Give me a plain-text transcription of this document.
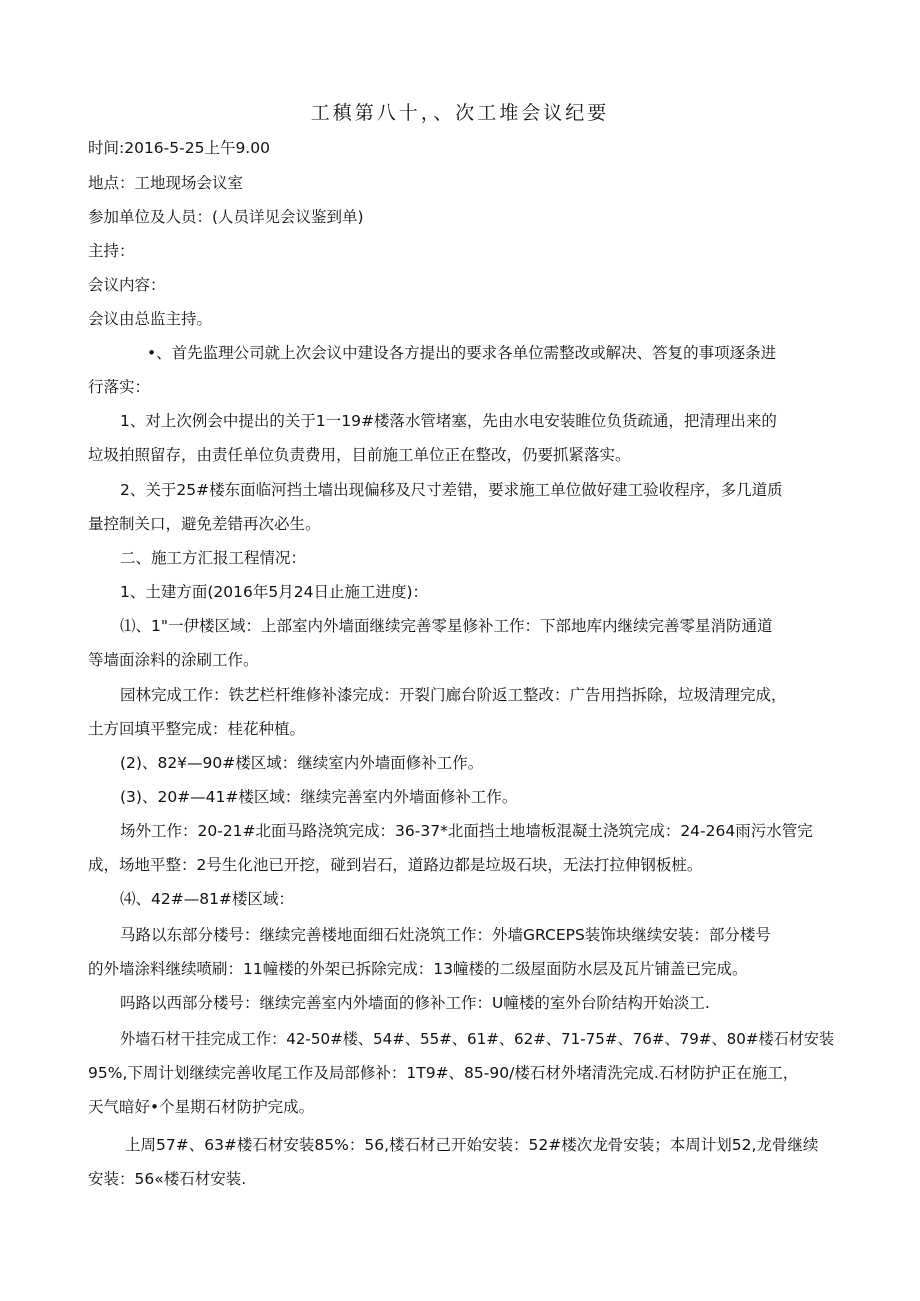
工稹第八十，、次工堆会议纪要
时间:2016-5-25上午9.00
地点：工地现场会议室
参加单位及人员：(人员详见会议鉴到单)
主持：
会议内容：
会议由总监主持。
•、首先监理公司就上次会议中建设各方提出的要求各单位需整改或解决、答复的事项逐条进
行落实：
1、对上次例会中提出的关于1一19#楼落水管堵塞，先由水电安装睢位负货疏通，把清理出来的
垃圾拍照留存，由责任单位负责费用，目前施工单位正在整改，仍要抓紧落实。
2、关于25#楼东面临河挡土墙出现偏移及尺寸差错，要求施工单位做好建工验收程序，多几道质
量控制关口，避免差错再次必生。
二、施工方汇报工程情况：
1、土建方面(2016年5月24日止施工进度)：
⑴、1"一伊楼区域：上部室内外墙面继续完善零星修补工作：下部地库内继续完善零星消防通道
等墙面涂料的涂刷工作。
园林完成工作：铁艺栏杆维修补漆完成：开裂门廊台阶返工整改：广告用挡拆除，垃圾清理完成，
土方回填平整完成：桂花种植。
(2)、82¥—90#楼区域：继续室内外墙面修补工作。
(3)、20#—41#楼区域：继续完善室内外墙面修补工作。
场外工作：20-21#北面马路浇筑完成：36-37*北面挡土地墙板混凝土浇筑完成：24-264雨污水管完
成，场地平整：2号生化池已开挖，碰到岩石，道路边都是垃圾石块，无法打拉伸钢板桩。
⑷、42#—81#楼区域：
马路以东部分楼号：继续完善楼地面细石灶浇筑工作：外墙GRCEPS装饰块继续安装：部分楼号
的外墙涂料继续喷刷：11幢楼的外架已拆除完成：13幢楼的二级屋面防水层及瓦片铺盖已完成。
吗路以西部分楼号：继续完善室内外墙面的修补工作：U幢楼的室外台阶结构开始淡工.
外墙石材干挂完成工作：42-50#楼、54#、55#、61#、62#、71-75#、76#、79#、80#楼石材安装
95%,下周计划继续完善收尾工作及局部修补：1T9#、85-90/楼石材外堵清洗完成.石材防护正在施工，
天气暗好•个星期石材防护完成。
上周57#、63#楼石材安装85%：56,楼石材己开始安装：52#楼次龙骨安装；本周计划52,龙骨继续
安装：56«楼石材安装.
